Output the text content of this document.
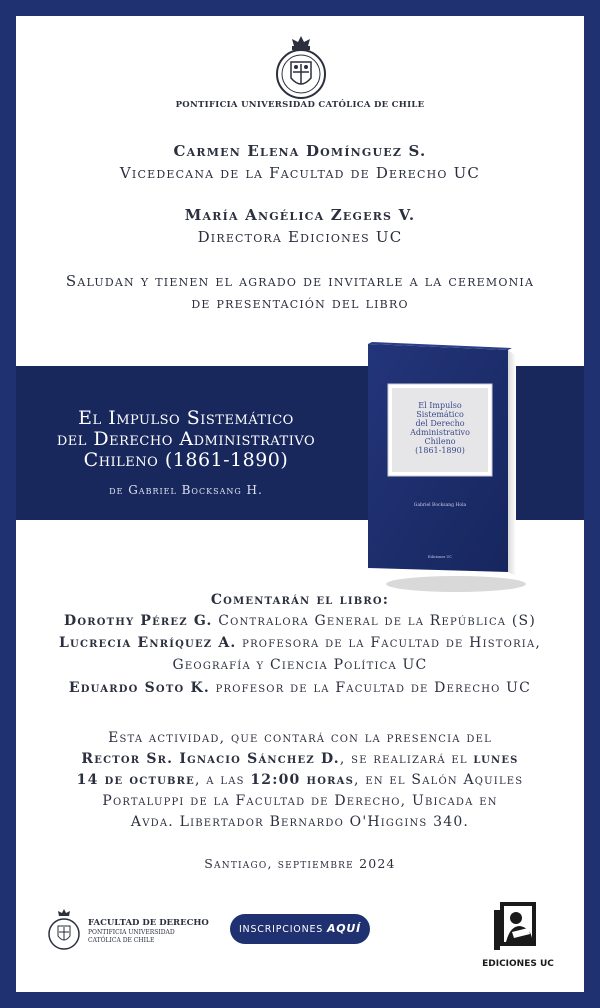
PONTIFICIA UNIVERSIDAD CATÓLICA DE CHILE
Carmen Elena Domínguez S.
Vicedecana de la Facultad de Derecho UC
María Angélica Zegers V.
Directora Ediciones UC
Saludan y tienen el agrado de invitarle a la ceremonia
de presentación del libro
El Impulso Sistemático
del Derecho Administrativo
Chileno (1861-1890)
de Gabriel Bocksang H.
El Impulso
Sistemático
del Derecho
Administrativo
Chileno
(1861-1890)
Gabriel Bocksang Hola
Ediciones UC
Comentarán el libro:
Dorothy Pérez G. Contralora General de la República (S)
Lucrecia Enríquez A. profesora de la Facultad de Historia,
Geografía y Ciencia Política UC
Eduardo Soto K. profesor de la Facultad de Derecho UC
Esta actividad, que contará con la presencia del
Rector Sr. Ignacio Sánchez D., se realizará el lunes
14 de octubre, a las 12:00 horas, en el Salón Aquiles
Portaluppi de la Facultad de Derecho, Ubicada en
Avda. Libertador Bernardo O'Higgins 340.
Santiago, septiembre 2024
FACULTAD DE DERECHO
PONTIFICIA UNIVERSIDAD
CATÓLICA DE CHILE
INSCRIPCIONES AQUÍ
EDICIONES UC
